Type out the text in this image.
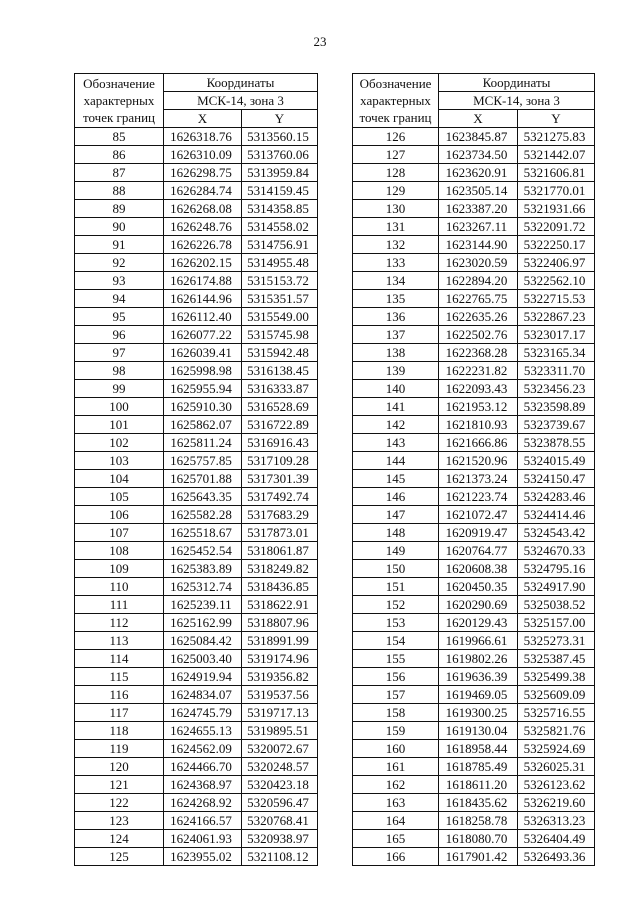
23
Обозначение
характерных
точек границ	Координаты	
	МСК-14, зона 3	
	X	Y
85	1626318.76	5313560.15
86	1626310.09	5313760.06
87	1626298.75	5313959.84
88	1626284.74	5314159.45
89	1626268.08	5314358.85
90	1626248.76	5314558.02
91	1626226.78	5314756.91
92	1626202.15	5314955.48
93	1626174.88	5315153.72
94	1626144.96	5315351.57
95	1626112.40	5315549.00
96	1626077.22	5315745.98
97	1626039.41	5315942.48
98	1625998.98	5316138.45
99	1625955.94	5316333.87
100	1625910.30	5316528.69
101	1625862.07	5316722.89
102	1625811.24	5316916.43
103	1625757.85	5317109.28
104	1625701.88	5317301.39
105	1625643.35	5317492.74
106	1625582.28	5317683.29
107	1625518.67	5317873.01
108	1625452.54	5318061.87
109	1625383.89	5318249.82
110	1625312.74	5318436.85
111	1625239.11	5318622.91
112	1625162.99	5318807.96
113	1625084.42	5318991.99
114	1625003.40	5319174.96
115	1624919.94	5319356.82
116	1624834.07	5319537.56
117	1624745.79	5319717.13
118	1624655.13	5319895.51
119	1624562.09	5320072.67
120	1624466.70	5320248.57
121	1624368.97	5320423.18
122	1624268.92	5320596.47
123	1624166.57	5320768.41
124	1624061.93	5320938.97
125	1623955.02	5321108.12
Обозначение
характерных
точек границ	Координаты	
	МСК-14, зона 3	
	X	Y
126	1623845.87	5321275.83
127	1623734.50	5321442.07
128	1623620.91	5321606.81
129	1623505.14	5321770.01
130	1623387.20	5321931.66
131	1623267.11	5322091.72
132	1623144.90	5322250.17
133	1623020.59	5322406.97
134	1622894.20	5322562.10
135	1622765.75	5322715.53
136	1622635.26	5322867.23
137	1622502.76	5323017.17
138	1622368.28	5323165.34
139	1622231.82	5323311.70
140	1622093.43	5323456.23
141	1621953.12	5323598.89
142	1621810.93	5323739.67
143	1621666.86	5323878.55
144	1621520.96	5324015.49
145	1621373.24	5324150.47
146	1621223.74	5324283.46
147	1621072.47	5324414.46
148	1620919.47	5324543.42
149	1620764.77	5324670.33
150	1620608.38	5324795.16
151	1620450.35	5324917.90
152	1620290.69	5325038.52
153	1620129.43	5325157.00
154	1619966.61	5325273.31
155	1619802.26	5325387.45
156	1619636.39	5325499.38
157	1619469.05	5325609.09
158	1619300.25	5325716.55
159	1619130.04	5325821.76
160	1618958.44	5325924.69
161	1618785.49	5326025.31
162	1618611.20	5326123.62
163	1618435.62	5326219.60
164	1618258.78	5326313.23
165	1618080.70	5326404.49
166	1617901.42	5326493.36
